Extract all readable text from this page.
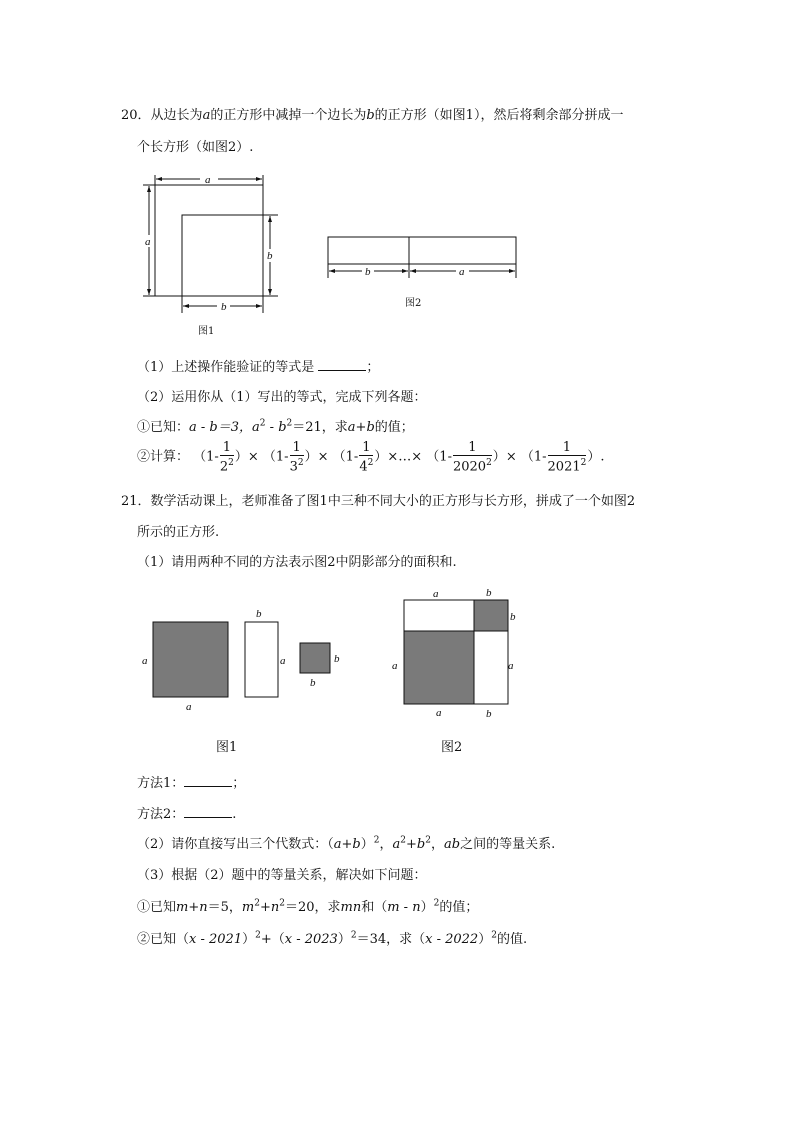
20．从边长为a的正方形中减掉一个边长为b的正方形（如图1），然后将剩余部分拼成一
个长方形（如图2）.
a
a
b
b
图1
b	a
图2
（1）上述操作能验证的等式是	；
（2）运用你从（1）写出的等式，完成下列各题：
①已知：a - b＝3，$a^2 - b^2=21$，求a+b的值；
②计算： （$1- \frac{1}{2^2}$ ）× （$1- \frac{1}{3^2}$ ）× （$1- \frac{1}{4^2}$ ）×…× （$1- \frac{1}{2020^2}$ ）× （$1- \frac{1}{2021^2}$ ）.
21．数学活动课上，老师准备了图1中三种不同大小的正方形与长方形，拼成了一个如图2
所示的正方形.
（1）请用两种不同的方法表示图2中阴影部分的面积和.
a
a
b
a	b
b
图1
a	b
b
a
a
a	b
图2
方法1：	；
方法2：	.
（2）请你直接写出三个代数式：$(a+b)^2$，$a^2+b^2$，ab之间的等量关系.
（3）根据（2）题中的等量关系，解决如下问题：
①已知m+n＝5，$m^2+n^2=20$，求mn和（m - n）$^2$的值；
②已知（x - 2021）$^2$+（x - 2023）$^2$＝34，求（x - 2022）$^2$的值.
